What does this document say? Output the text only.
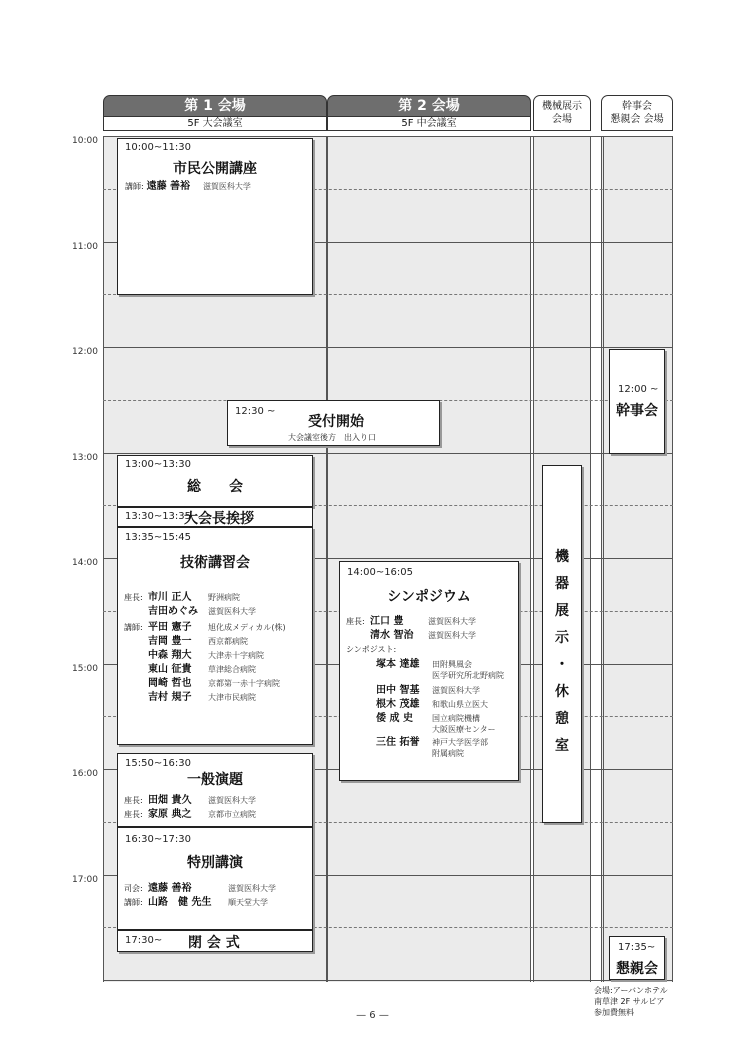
第 1 会場
5F 大会議室
第 2 会場
5F 中会議室
機械展示
会場
幹事会
懇親会 会場
10:00
11:00
12:00
13:00
14:00
15:00
16:00
17:00
10:00~11:30
市民公開講座
講師: 遠藤 善裕 滋賀医科大学
12:30 ~
受付開始
大会議室後方　出入り口
13:00~13:30
総　　会
13:30~13:35
大会長挨拶
13:35~15:45
技術講習会
座長: 市川 正人 野洲病院
吉田めぐみ 滋賀医科大学
講師: 平田 憲子 旭化成メディカル(株)
吉岡 豊一 西京都病院
中森 翔大 大津赤十字病院
東山 征貴 草津総合病院
岡崎 哲也 京都第一赤十字病院
吉村 規子 大津市民病院
14:00~16:05
シンポジウム
座長: 江口 豊	滋賀医科大学
清水 智治 滋賀医科大学
シンポジスト:
塚本 達雄 田附興風会
医学研究所北野病院
田中 智基 滋賀医科大学
根木 茂雄 和歌山県立医大
倭 成 史 国立病院機構
大阪医療センター
三住 拓誉 神戸大学医学部
附属病院
15:50~16:30
一般演題
座長: 田畑 貴久 滋賀医科大学
座長: 家原 典之 京都市立病院
16:30~17:30
特別講演
司会: 遠藤 善裕	滋賀医科大学
講師: 山路　健 先生 順天堂大学
17:30~ 閉 会 式
機
器
展
示
・
休
憩
室
12:00 ~
幹事会
17:35~
懇親会
会場:アーバンホテル
南草津 2F サルビア
参加費無料
— 6 —
